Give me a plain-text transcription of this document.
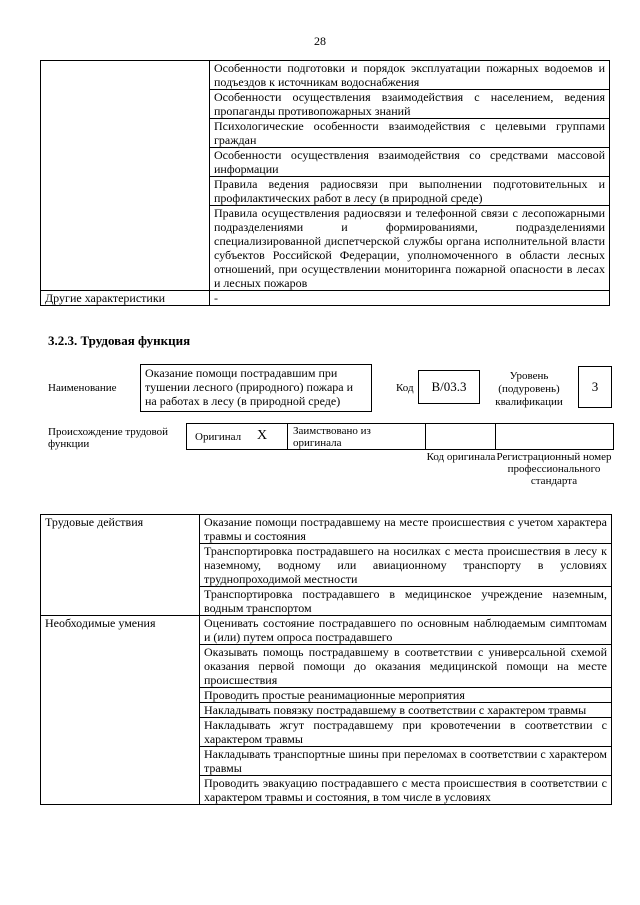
28
	Особенности подготовки и порядок эксплуатации пожарных водоемов и подъездов к источникам водоснабжения
	Особенности осуществления взаимодействия с населением, ведения пропаганды противопожарных знаний
	Психологические особенности взаимодействия с целевыми группами граждан
	Особенности осуществления взаимодействия со средствами массовой информации
	Правила ведения радиосвязи при выполнении подготовительных и профилактических работ в лесу (в природной среде)
	Правила осуществления радиосвязи и телефонной связи с лесопожарными подразделениями и формированиями, подразделениями специализированной диспетчерской службы органа исполнительной власти субъектов Российской Федерации, уполномоченного в области лесных отношений, при осуществлении мониторинга пожарной опасности в лесах и лесных пожаров
Другие характеристики	-
3.2.3. Трудовая функция
Наименование
Оказание помощи пострадавшим при тушении лесного (природного) пожара и на работах в лесу (в природной среде)
Код	B/03.3
Уровень (подуровень) квалификации
3
Происхождение трудовой функции
Оригинал X Заимствовано из оригинала
Код оригинала Регистрационный номер профессионального стандарта
Трудовые действия	Оказание помощи пострадавшему на месте происшествия с учетом характера травмы и состояния
	Транспортировка пострадавшего на носилках с места происшествия в лесу к наземному, водному или авиационному транспорту в условиях труднопроходимой местности
	Транспортировка пострадавшего в медицинское учреждение наземным, водным транспортом
Необходимые умения	Оценивать состояние пострадавшего по основным наблюдаемым симптомам и (или) путем опроса пострадавшего
	Оказывать помощь пострадавшему в соответствии с универсальной схемой оказания первой помощи до оказания медицинской помощи на месте происшествия
	Проводить простые реанимационные мероприятия
	Накладывать повязку пострадавшему в соответствии с характером травмы
	Накладывать жгут пострадавшему при кровотечении в соответствии с характером травмы
	Накладывать транспортные шины при переломах в соответствии с характером травмы
	Проводить эвакуацию пострадавшего с места происшествия в соответствии с характером травмы и состояния, в том числе в условиях
